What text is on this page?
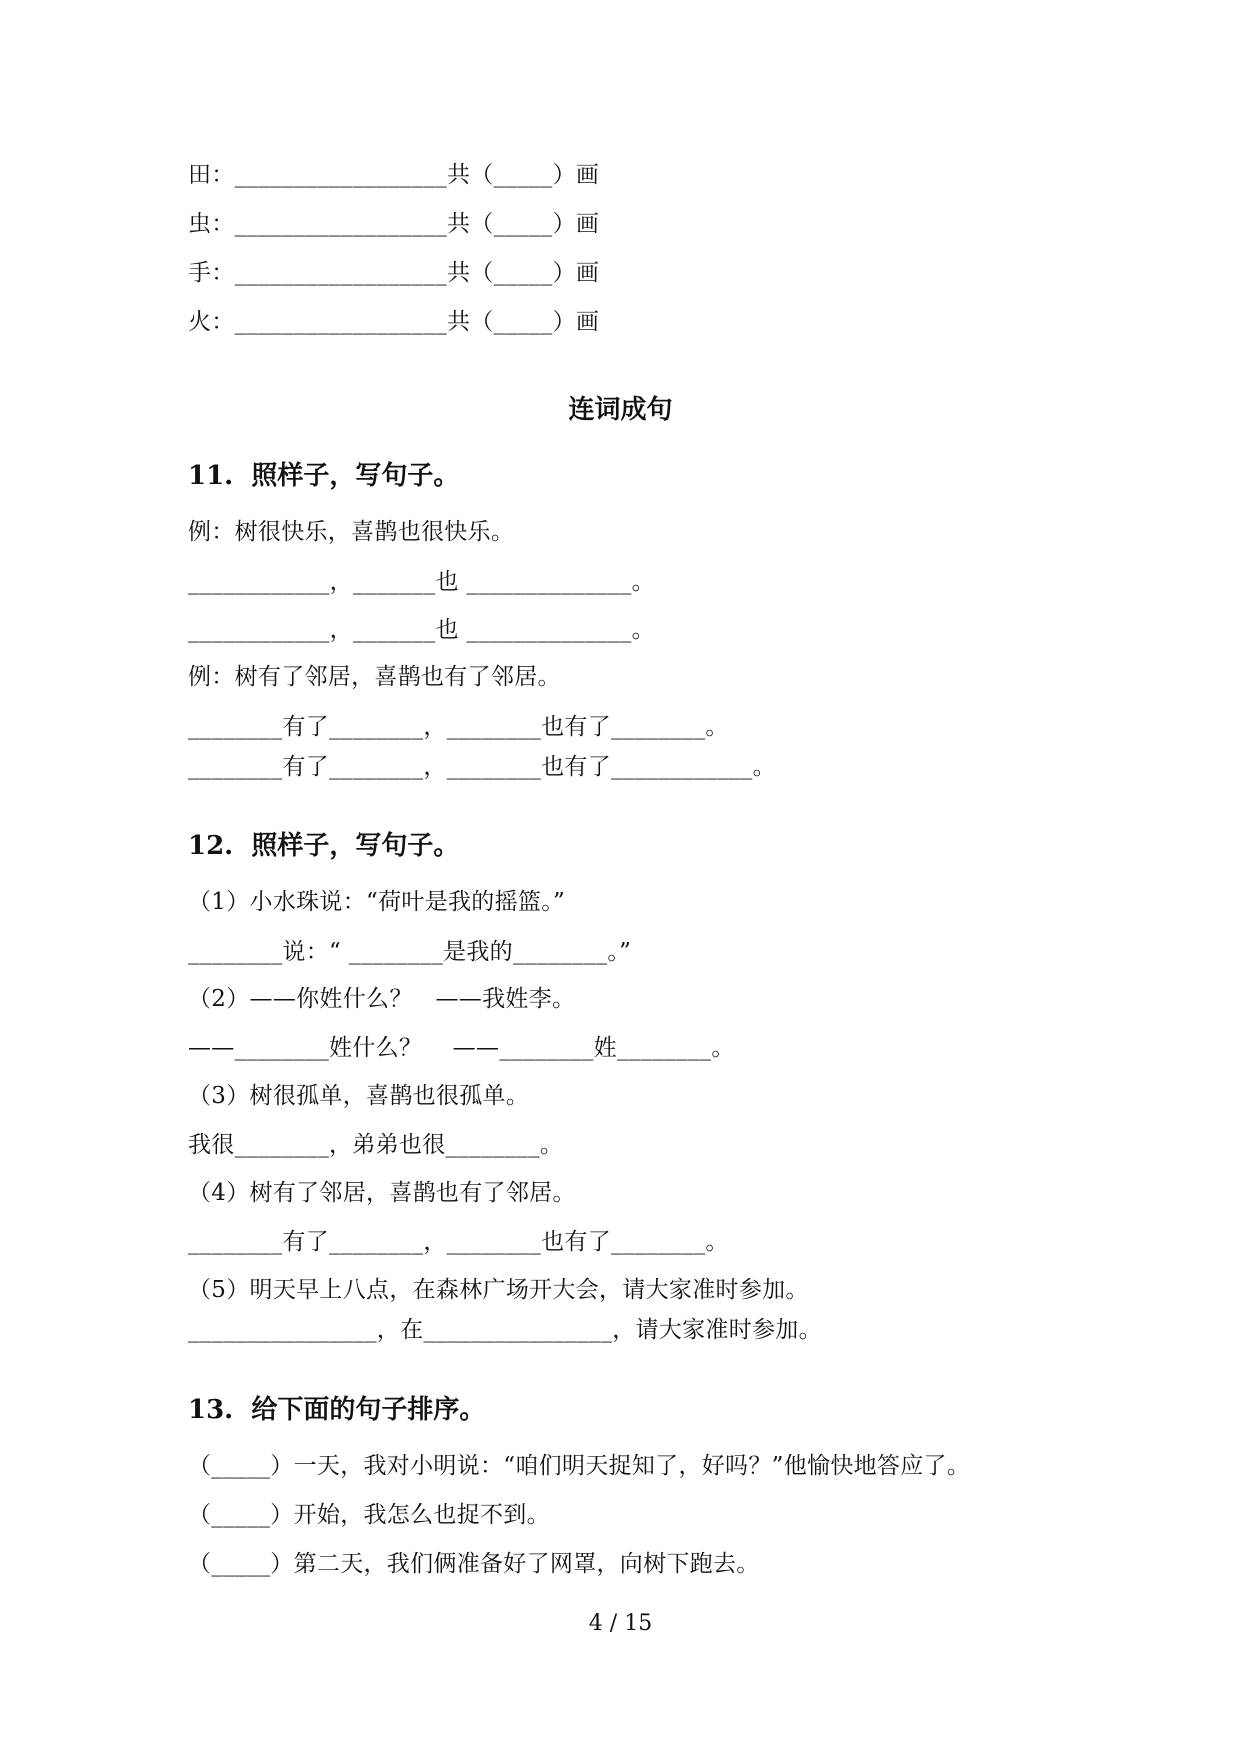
田：__________________共（_____）画
虫：__________________共（_____）画
手：__________________共（_____）画
火：__________________共（_____）画
连词成句
11.  照样子，写句子。
例：树很快乐，喜鹊也很快乐。
____________，_______也 ______________。
____________，_______也 ______________。
例：树有了邻居，喜鹊也有了邻居。
________有了________，________也有了________。
________有了________，________也有了____________。
12.  照样子，写句子。
（1）小水珠说：“荷叶是我的摇篮。”
________说：“ ________是我的________。”
（2）——你姓什么？   ——我姓李。
——________姓什么？    ——________姓________。
（3）树很孤单，喜鹊也很孤单。
我很________，弟弟也很________。
（4）树有了邻居，喜鹊也有了邻居。
________有了________，________也有了________。
（5）明天早上八点，在森林广场开大会，请大家准时参加。
________________，在________________，请大家准时参加。
13.  给下面的句子排序。
（_____）一天，我对小明说：“咱们明天捉知了，好吗？”他愉快地答应了。
（_____）开始，我怎么也捉不到。
（_____）第二天，我们俩准备好了网罩，向树下跑去。
4 / 15
